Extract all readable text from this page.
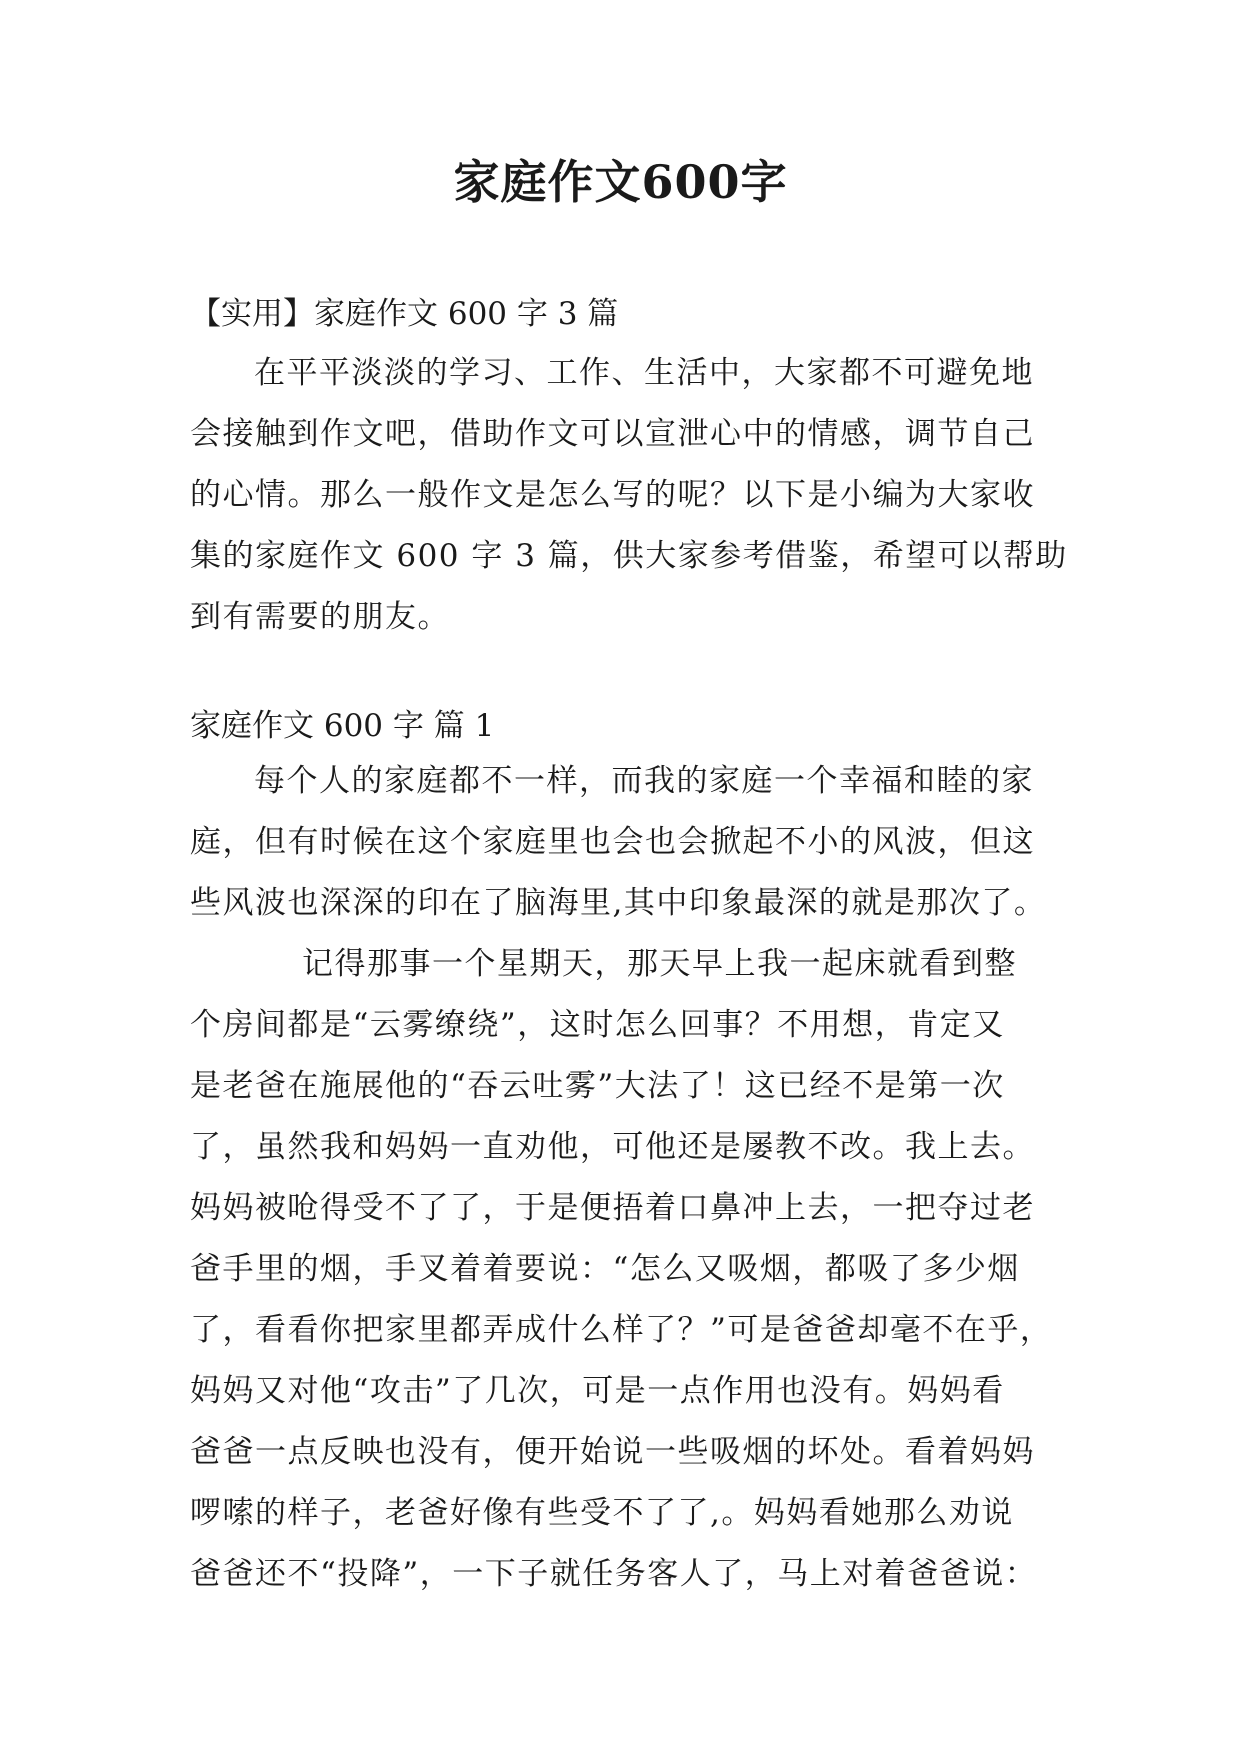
家庭作文600字

【实用】家庭作文 600 字 3 篇

在平平淡淡的学习、工作、生活中，大家都不可避免地
会接触到作文吧，借助作文可以宣泄心中的情感，调节自己
的心情。那么一般作文是怎么写的呢？以下是小编为大家收
集的家庭作文 600 字 3 篇，供大家参考借鉴，希望可以帮助
到有需要的朋友。

家庭作文 600 字 篇 1

每个人的家庭都不一样，而我的家庭一个幸福和睦的家
庭，但有时候在这个家庭里也会也会掀起不小的风波，但这
些风波也深深的印在了脑海里,其中印象最深的就是那次了。
记得那事一个星期天，那天早上我一起床就看到整
个房间都是“云雾缭绕”，这时怎么回事？不用想，肯定又
是老爸在施展他的“吞云吐雾”大法了！这已经不是第一次
了，虽然我和妈妈一直劝他，可他还是屡教不改。我上去。
妈妈被呛得受不了了，于是便捂着口鼻冲上去，一把夺过老
爸手里的烟，手叉着着要说：“怎么又吸烟，都吸了多少烟
了，看看你把家里都弄成什么样了？”可是爸爸却毫不在乎，
妈妈又对他“攻击”了几次，可是一点作用也没有。妈妈看
爸爸一点反映也没有，便开始说一些吸烟的坏处。看着妈妈
啰嗦的样子，老爸好像有些受不了了,。妈妈看她那么劝说
爸爸还不“投降”，一下子就任务客人了，马上对着爸爸说：
